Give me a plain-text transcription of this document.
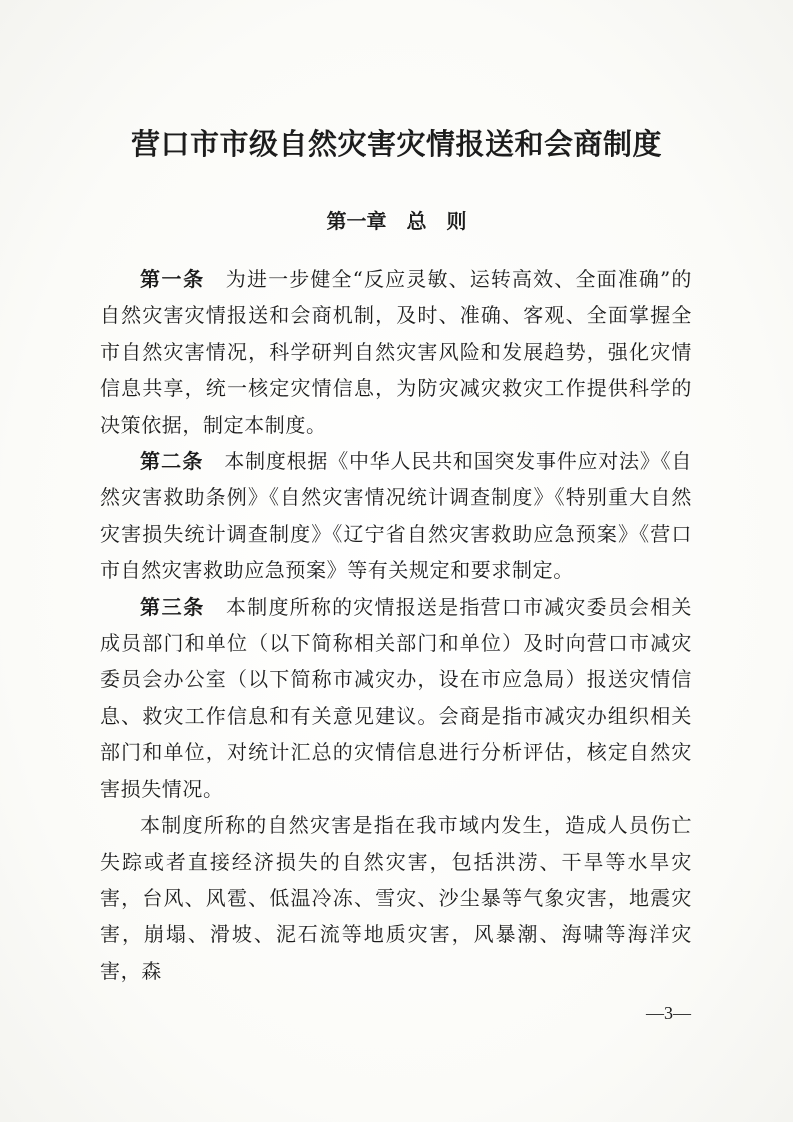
营口市市级自然灾害灾情报送和会商制度
第一章　总　则

第一条　 为进一步健全“反应灵敏、运转高效、全面准确”的自然灾害灾情报送和会商机制，及时、准确、客观、全面掌握全市自然灾害情况，科学研判自然灾害风险和发展趋势，强化灾情信息共享，统一核定灾情信息，为防灾减灾救灾工作提供科学的决策依据，制定本制度。

第二条　 本制度根据《中华人民共和国突发事件应对法》《自然灾害救助条例》《自然灾害情况统计调查制度》《特别重大自然灾害损失统计调查制度》《辽宁省自然灾害救助应急预案》《营口市自然灾害救助应急预案》等有关规定和要求制定。

第三条　 本制度所称的灾情报送是指营口市减灾委员会相关成员部门和单位（以下简称相关部门和单位）及时向营口市减灾委员会办公室（以下简称市减灾办，设在市应急局）报送灾情信息、救灾工作信息和有关意见建议。会商是指市减灾办组织相关部门和单位，对统计汇总的灾情信息进行分析评估，核定自然灾害损失情况。

本制度所称的自然灾害是指在我市域内发生，造成人员伤亡失踪或者直接经济损失的自然灾害，包括洪涝、干旱等水旱灾害，台风、风雹、低温冷冻、雪灾、沙尘暴等气象灾害，地震灾害，崩塌、滑坡、泥石流等地质灾害，风暴潮、海啸等海洋灾害，森

—3—
